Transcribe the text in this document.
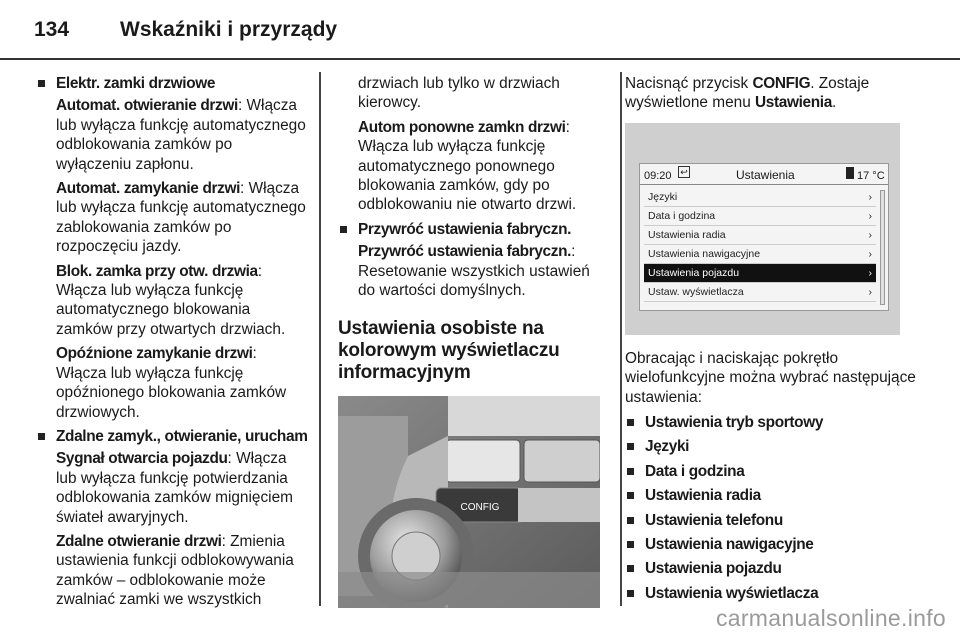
134	Wskaźniki i przyrządy

Elektr. zamki drzwiowe

Automat. otwieranie drzwi: Włącza lub wyłącza funkcję automatycznego odblokowania zamków po wyłączeniu zapłonu.

Automat. zamykanie drzwi: Włącza lub wyłącza funkcję automatycznego zablokowania zamków po rozpoczęciu jazdy.

Blok. zamka przy otw. drzwia: Włącza lub wyłącza funkcję automatycznego blokowania zamków przy otwartych drzwiach.

Opóźnione zamykanie drzwi: Włącza lub wyłącza funkcję opóźnionego blokowania zamków drzwiowych.

Zdalne zamyk., otwieranie, urucham

Sygnał otwarcia pojazdu: Włącza lub wyłącza funkcję potwierdzania odblokowania zamków mignięciem świateł awaryjnych.

Zdalne otwieranie drzwi: Zmienia ustawienia funkcji odblokowywania zamków – odblokowanie może zwalniać zamki we wszystkich

drzwiach lub tylko w drzwiach kierowcy.

Autom ponowne zamkn drzwi: Włącza lub wyłącza funkcję automatycznego ponownego blokowania zamków, gdy po odblokowaniu nie otwarto drzwi.

Przywróć ustawienia fabryczn.

Przywróć ustawienia fabryczn.: Resetowanie wszystkich ustawień do wartości domyślnych.

Ustawienia osobiste na kolorowym wyświetlaczu informacyjnym

CONFIG

Nacisnąć przycisk CONFIG. Zostaje wyświetlone menu Ustawienia.

09:20 ↩	Ustawienia	17 °C
Języki	›
Data i godzina	›
Ustawienia radia	›
Ustawienia nawigacyjne	›
Ustawienia pojazdu	›
Ustaw. wyświetlacza	›

Obracając i naciskając pokrętło wielofunkcyjne można wybrać następujące ustawienia:

Ustawienia tryb sportowy

Języki

Data i godzina

Ustawienia radia

Ustawienia telefonu

Ustawienia nawigacyjne

Ustawienia pojazdu

Ustawienia wyświetlacza

carmanualsonline.info
